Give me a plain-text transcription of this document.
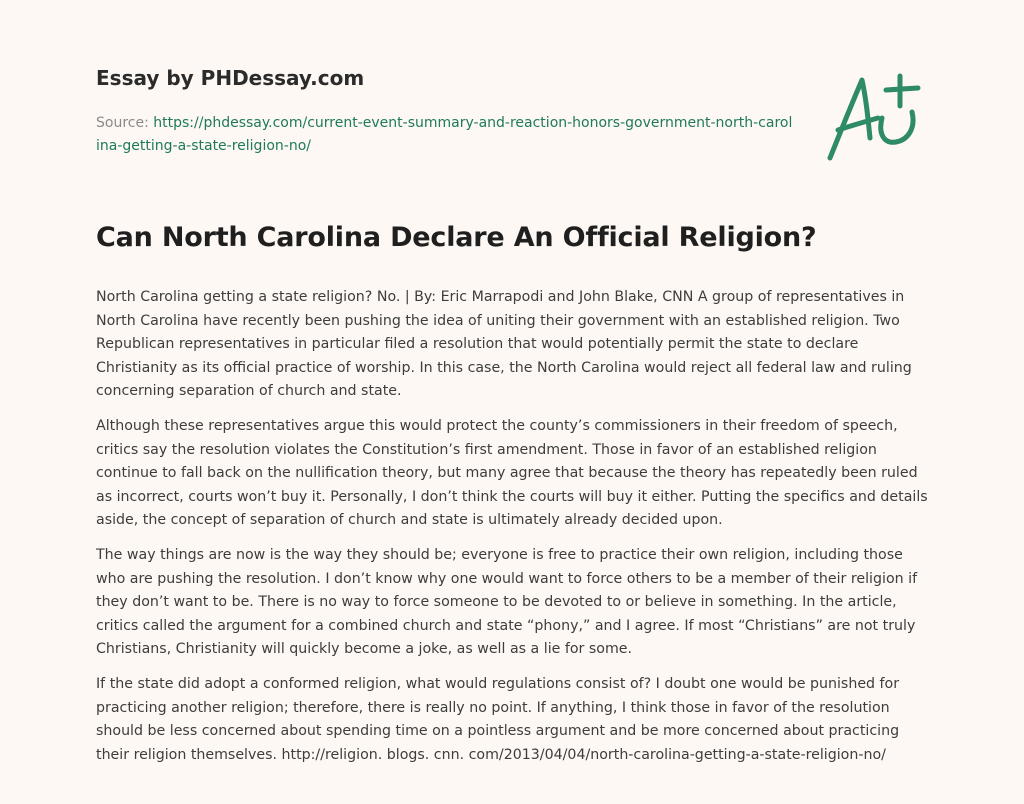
Essay by PHDessay.com
Source: https://phdessay.com/current-event-summary-and-reaction-honors-government-north-carolina-getting-a-state-religion-no/
Can North Carolina Declare An Official Religion?

North Carolina getting a state religion? No. | By: Eric Marrapodi and John Blake, CNN A group of representatives in North Carolina have recently been pushing the idea of uniting their government with an established religion. Two Republican representatives in particular filed a resolution that would potentially permit the state to declare Christianity as its official practice of worship. In this case, the North Carolina would reject all federal law and ruling concerning separation of church and state.

Although these representatives argue this would protect the county’s commissioners in their freedom of speech, critics say the resolution violates the Constitution’s first amendment. Those in favor of an established religion continue to fall back on the nullification theory, but many agree that because the theory has repeatedly been ruled as incorrect, courts won’t buy it. Personally, I don’t think the courts will buy it either. Putting the specifics and details aside, the concept of separation of church and state is ultimately already decided upon.

The way things are now is the way they should be; everyone is free to practice their own religion, including those who are pushing the resolution. I don’t know why one would want to force others to be a member of their religion if they don’t want to be. There is no way to force someone to be devoted to or believe in something. In the article, critics called the argument for a combined church and state “phony,” and I agree. If most “Christians” are not truly Christians, Christianity will quickly become a joke, as well as a lie for some.

If the state did adopt a conformed religion, what would regulations consist of? I doubt one would be punished for practicing another religion; therefore, there is really no point. If anything, I think those in favor of the resolution should be less concerned about spending time on a pointless argument and be more concerned about practicing their religion themselves. http://religion. blogs. cnn. com/2013/04/04/north-carolina-getting-a-state-religion-no/
